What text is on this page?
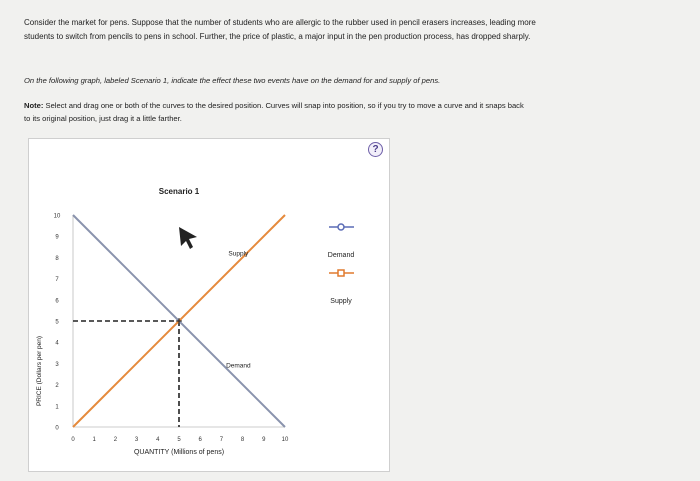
Consider the market for pens. Suppose that the number of students who are allergic to the rubber used in pencil erasers increases, leading more
students to switch from pencils to pens in school. Further, the price of plastic, a major input in the pen production process, has dropped sharply.
On the following graph, labeled Scenario 1, indicate the effect these two events have on the demand for and supply of pens.
Note: Select and drag one or both of the curves to the desired position. Curves will snap into position, so if you try to move a curve and it snaps back
to its original position, just drag it a little farther.
Scenario 1
PRICE (Dollars per pen)
QUANTITY (Millions of pens)
0
1
2
3
4
5
6
7
8
9
10
0	1	2	3	4	5	6	7	8	9	10
Supply
Demand
Demand
Supply
?
